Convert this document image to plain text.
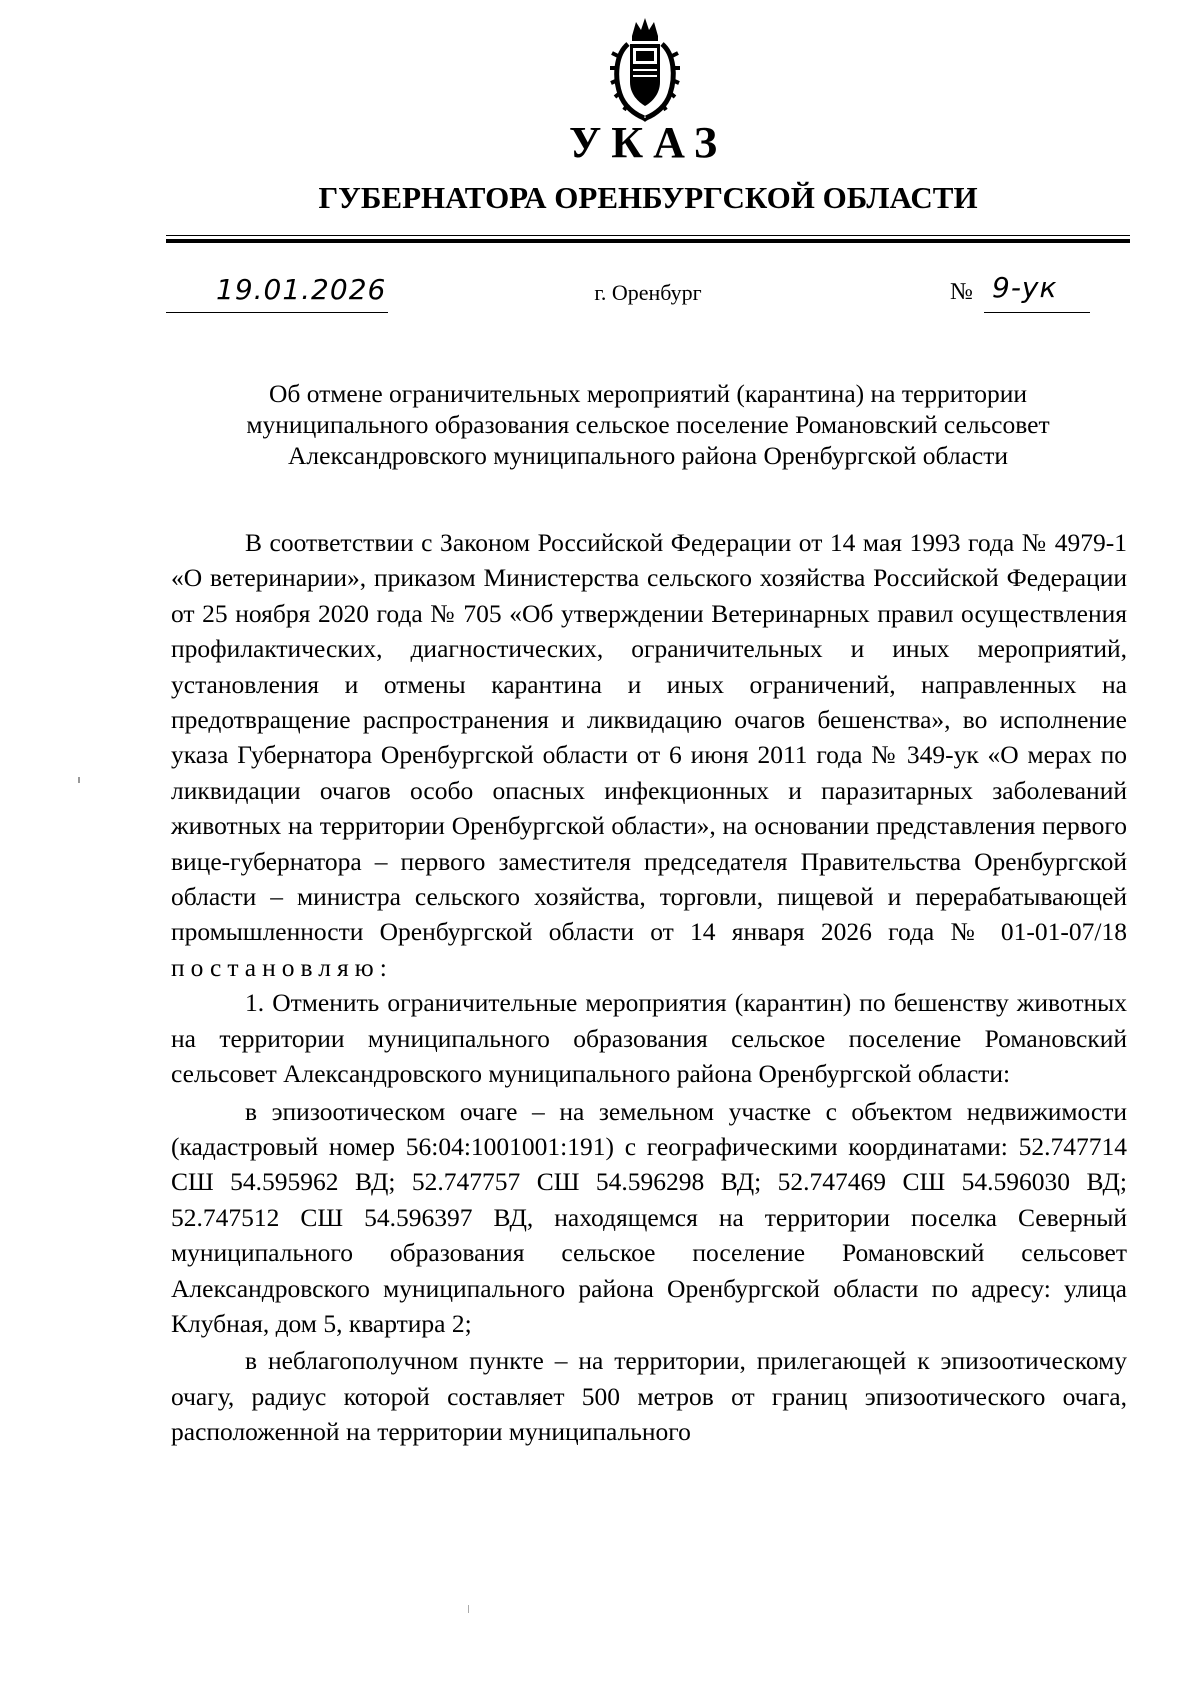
УКАЗ
ГУБЕРНАТОРА ОРЕНБУРГСКОЙ ОБЛАСТИ
19.01.2026	г. Оренбург	№ 9-ук
Об отмене ограничительных мероприятий (карантина) на территории
муниципального образования сельское поселение Романовский сельсовет
Александровского муниципального района Оренбургской области

В соответствии с Законом Российской Федерации от 14 мая 1993 года № 4979-1 «О ветеринарии», приказом Министерства сельского хозяйства Российской Федерации от 25 ноября 2020 года № 705 «Об утверждении Ветеринарных правил осуществления профилактических, диагностических, ограничительных и иных мероприятий, установления и отмены карантина и иных ограничений, направленных на предотвращение распространения и ликвидацию очагов бешенства», во исполнение указа Губернатора Оренбургской области от 6 июня 2011 года № 349-ук «О мерах по ликвидации очагов особо опасных инфекционных и паразитарных заболеваний животных на территории Оренбургской области», на основании представления первого вице-губернатора – первого заместителя председателя Правительства Оренбургской области – министра сельского хозяйства, торговли, пищевой и перерабатывающей промышленности Оренбургской области от 14 января 2026 года № 01-01-07/18 постановляю:

1. Отменить ограничительные мероприятия (карантин) по бешенству животных на территории муниципального образования сельское поселение Романовский сельсовет Александровского муниципального района Оренбургской области:

в эпизоотическом очаге – на земельном участке с объектом недвижимости (кадастровый номер 56:04:1001001:191) с географическими координатами: 52.747714 СШ 54.595962 ВД; 52.747757 СШ 54.596298 ВД; 52.747469 СШ 54.596030 ВД; 52.747512 СШ 54.596397 ВД, находящемся на территории поселка Северный муниципального образования сельское поселение Романовский сельсовет Александровского муниципального района Оренбургской области по адресу: улица Клубная, дом 5, квартира 2;

в неблагополучном пункте – на территории, прилегающей к эпизоотическому очагу, радиус которой составляет 500 метров от границ эпизоотического очага, расположенной на территории муниципального
